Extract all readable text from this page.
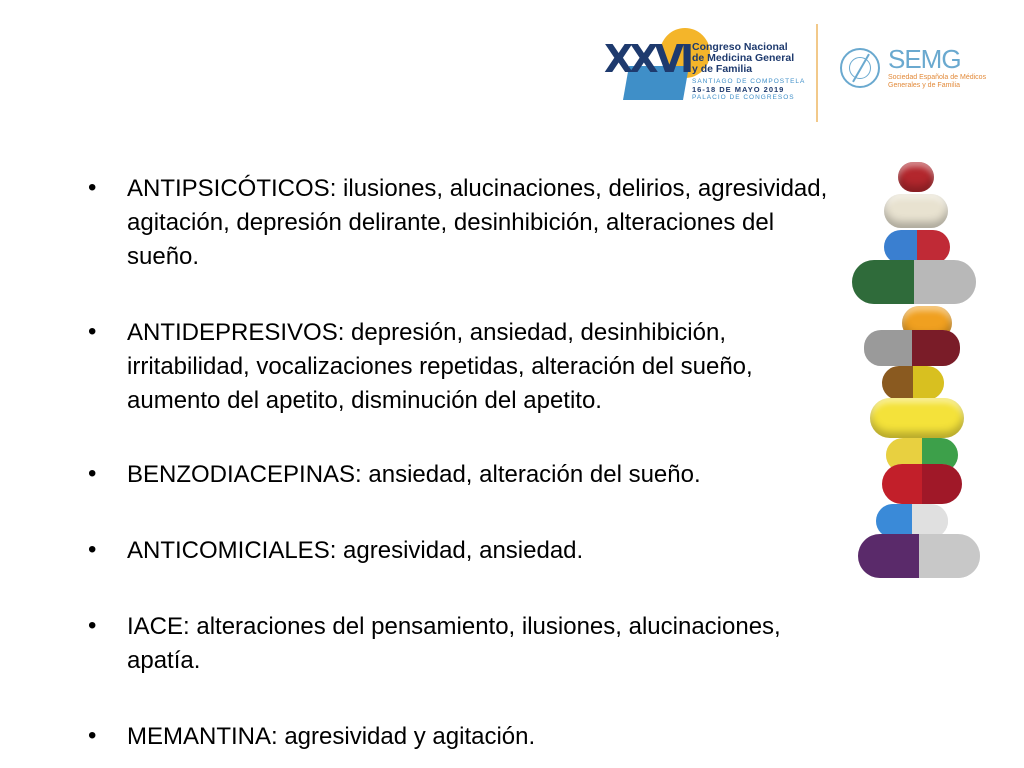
XXVI Congreso Nacional
de Medicina General
y de Familia
SANTIAGO DE COMPOSTELA
16-18 DE MAYO 2019
PALACIO DE CONGRESOS
SEMG
Sociedad Española de Médicos
Generales y de Familia
• ANTIPSICÓTICOS: ilusiones, alucinaciones, delirios, agresividad, agitación, depresión delirante, desinhibición, alteraciones del sueño.
• ANTIDEPRESIVOS: depresión, ansiedad, desinhibición, irritabilidad, vocalizaciones repetidas, alteración del sueño, aumento del apetito, disminución del apetito.
• BENZODIACEPINAS: ansiedad, alteración del sueño.
• ANTICOMICIALES: agresividad, ansiedad.
• IACE: alteraciones del pensamiento, ilusiones, alucinaciones, apatía.
• MEMANTINA: agresividad y agitación.
